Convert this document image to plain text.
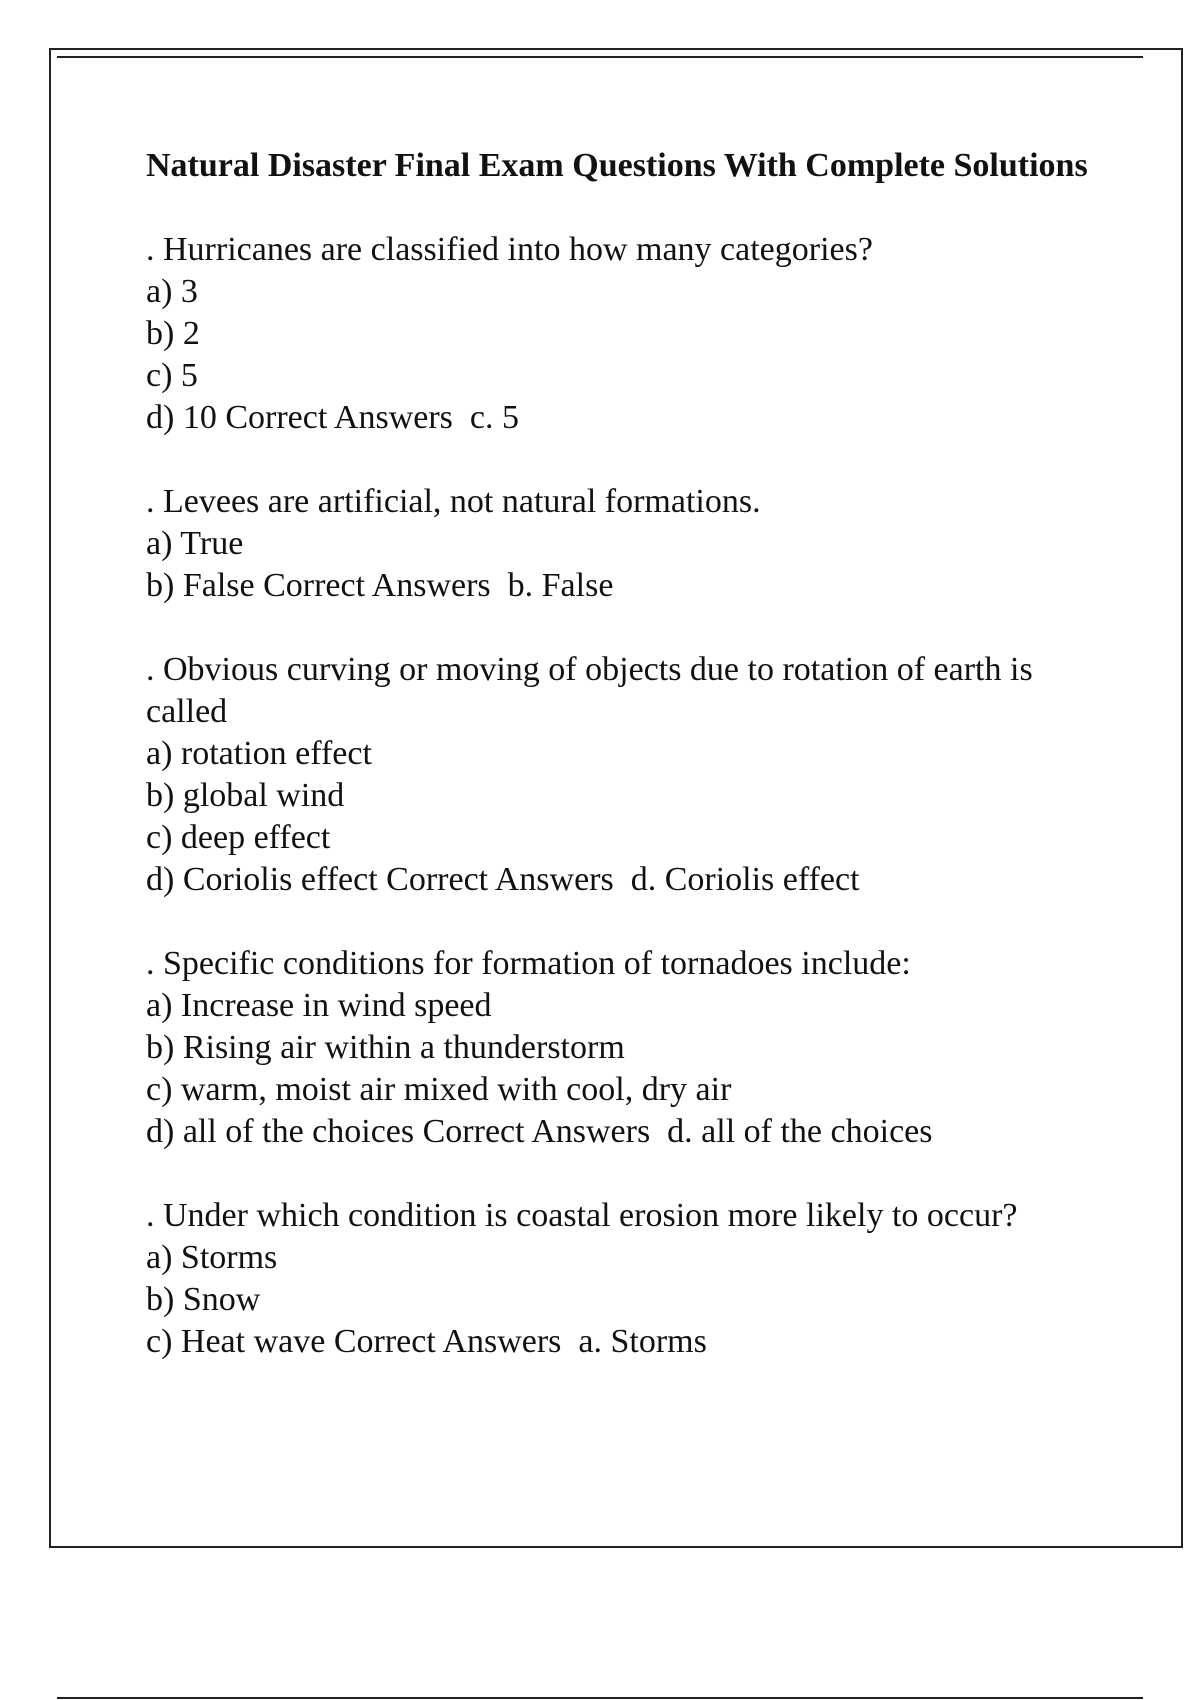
Natural Disaster Final Exam Questions With Complete Solutions

. Hurricanes are classified into how many categories?

a) 3

b) 2

c) 5

d) 10 Correct Answers  c. 5

. Levees are artificial, not natural formations.

a) True

b) False Correct Answers  b. False

. Obvious curving or moving of objects due to rotation of earth is called

a) rotation effect

b) global wind

c) deep effect

d) Coriolis effect Correct Answers  d. Coriolis effect

. Specific conditions for formation of tornadoes include:

a) Increase in wind speed

b) Rising air within a thunderstorm

c) warm, moist air mixed with cool, dry air

d) all of the choices Correct Answers  d. all of the choices

. Under which condition is coastal erosion more likely to occur?

a) Storms

b) Snow

c) Heat wave Correct Answers  a. Storms
